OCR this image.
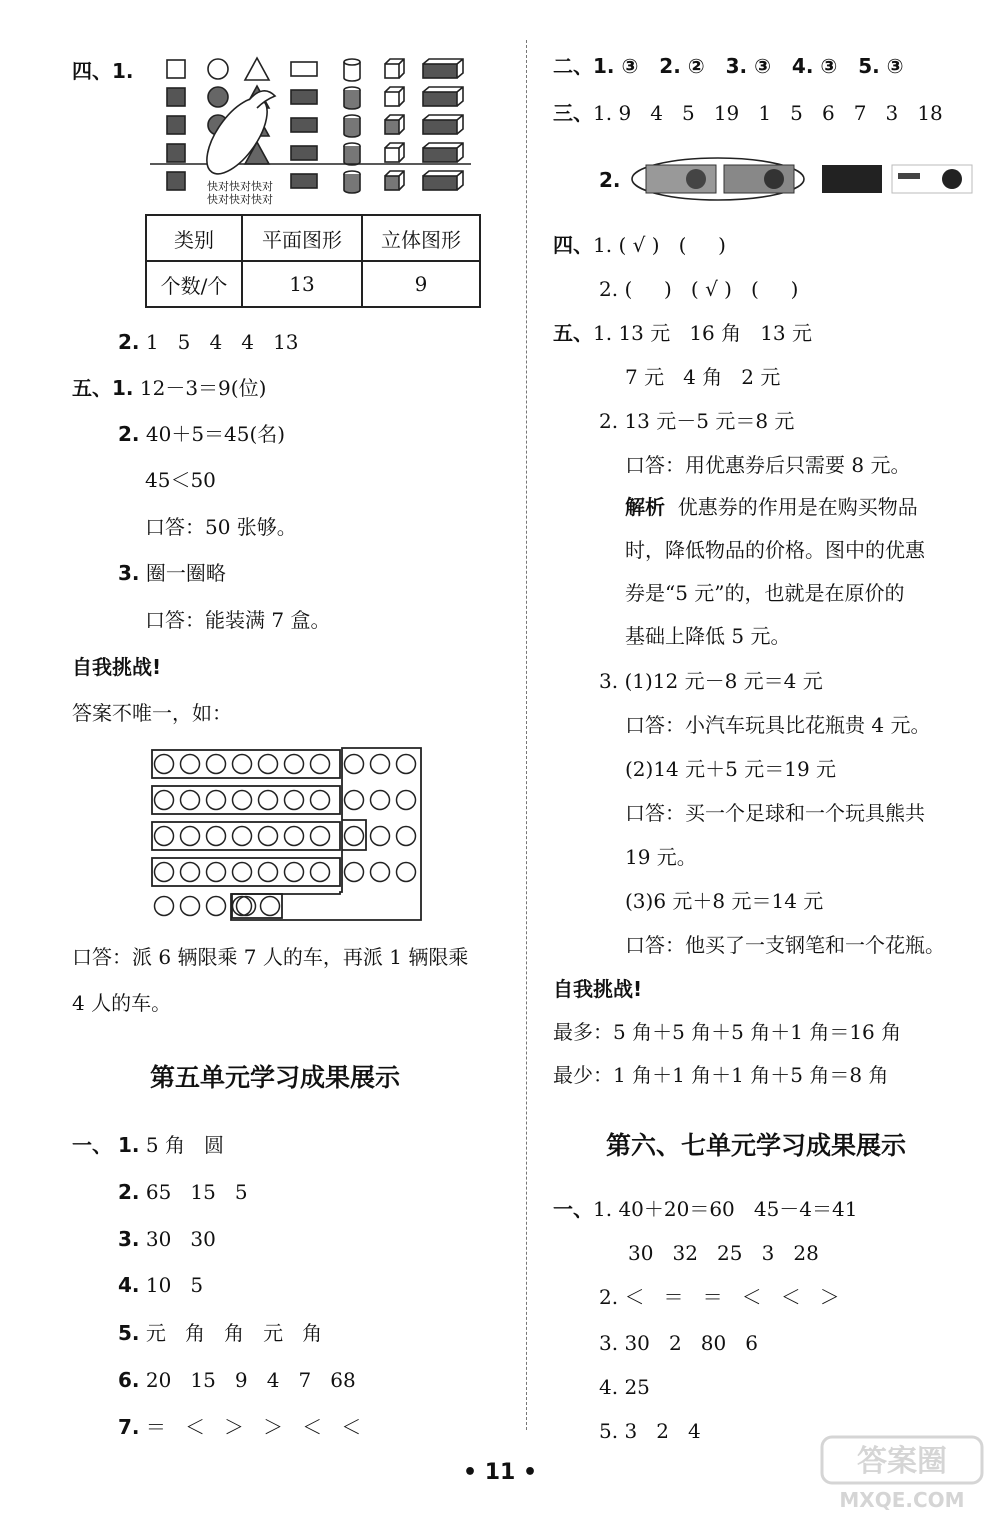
四、1.
快对快对快对
快对快对快对
类别	平面图形	立体图形
个数/个	13	9
2. 1   5   4   4   13
五、1. 12－3＝9(位)
2. 40＋5＝45(名)
45＜50
口答：50 张够。
3. 圈一圈略
口答：能装满 7 盒。
自我挑战!
答案不唯一，如：
口答：派 6 辆限乘 7 人的车，再派 1 辆限乘
4 人的车。
第五单元学习成果展示
一、 1. 5 角   圆
2. 65   15   5
3. 30   30
4. 10   5
5. 元   角   角   元   角
6. 20   15   9   4   7   68
7. ＝   ＜   ＞   ＞   ＜   ＜
二、1. ③   2. ②   3. ③   4. ③   5. ③
三、1. 9   4   5   19   1   5   6   7   3   18
2.
四、1. ( √ )   (     )
2. (     )   ( √ )   (     )
五、1. 13 元   16 角   13 元
7 元   4 角   2 元
2. 13 元－5 元＝8 元
口答：用优惠券后只需要 8 元。
解析  优惠券的作用是在购买物品
时，降低物品的价格。图中的优惠
券是“5 元”的，也就是在原价的
基础上降低 5 元。
3. (1)12 元－8 元＝4 元
口答：小汽车玩具比花瓶贵 4 元。
(2)14 元＋5 元＝19 元
口答：买一个足球和一个玩具熊共
19 元。
(3)6 元＋8 元＝14 元
口答：他买了一支钢笔和一个花瓶。
自我挑战!
最多：5 角＋5 角＋5 角＋1 角＝16 角
最少：1 角＋1 角＋1 角＋5 角＝8 角
第六、七单元学习成果展示
一、1. 40＋20＝60   45－4＝41
30   32   25   3   28
2. ＜   ＝   ＝   ＜   ＜   ＞
3. 30   2   80   6
4. 25
5. 3   2   4
• 11 •	答案圈
MXQE.COM
